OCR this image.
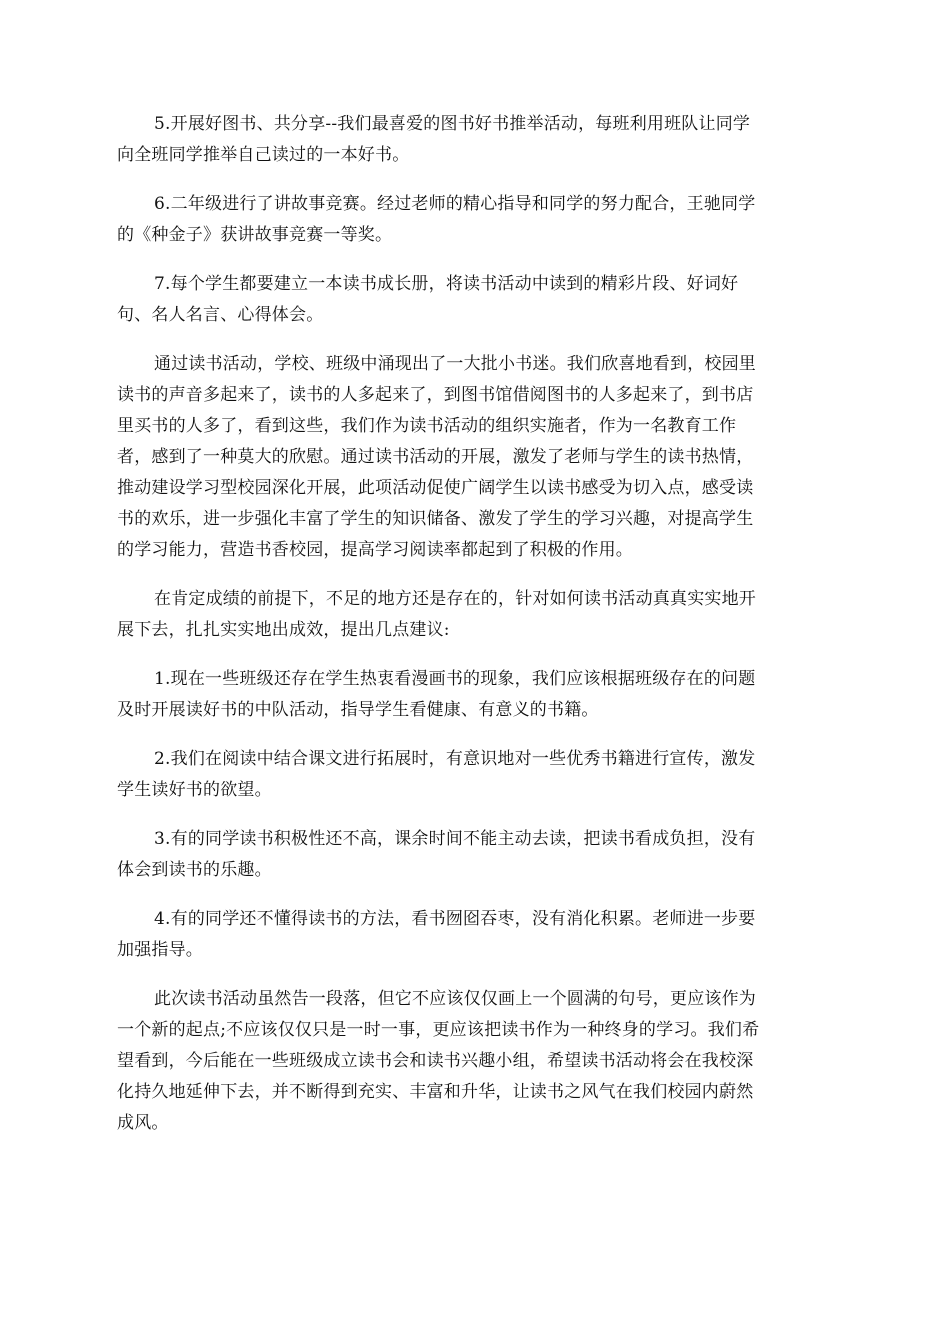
5.开展好图书、共分享--我们最喜爱的图书好书推举活动，每班利用班队让同学
向全班同学推举自己读过的一本好书。

6.二年级进行了讲故事竞赛。经过老师的精心指导和同学的努力配合，王驰同学
的《种金子》获讲故事竞赛一等奖。

7.每个学生都要建立一本读书成长册，将读书活动中读到的精彩片段、好词好
句、名人名言、心得体会。

通过读书活动，学校、班级中涌现出了一大批小书迷。我们欣喜地看到，校园里
读书的声音多起来了，读书的人多起来了，到图书馆借阅图书的人多起来了，到书店
里买书的人多了，看到这些，我们作为读书活动的组织实施者，作为一名教育工作
者，感到了一种莫大的欣慰。通过读书活动的开展，激发了老师与学生的读书热情，
推动建设学习型校园深化开展，此项活动促使广阔学生以读书感受为切入点，感受读
书的欢乐，进一步强化丰富了学生的知识储备、激发了学生的学习兴趣，对提高学生
的学习能力，营造书香校园，提高学习阅读率都起到了积极的作用。

在肯定成绩的前提下，不足的地方还是存在的，针对如何读书活动真真实实地开
展下去，扎扎实实地出成效，提出几点建议:

1.现在一些班级还存在学生热衷看漫画书的现象，我们应该根据班级存在的问题
及时开展读好书的中队活动，指导学生看健康、有意义的书籍。

2.我们在阅读中结合课文进行拓展时，有意识地对一些优秀书籍进行宣传，激发
学生读好书的欲望。

3.有的同学读书积极性还不高，课余时间不能主动去读，把读书看成负担，没有
体会到读书的乐趣。

4.有的同学还不懂得读书的方法，看书囫囵吞枣，没有消化积累。老师进一步要
加强指导。

此次读书活动虽然告一段落，但它不应该仅仅画上一个圆满的句号，更应该作为
一个新的起点;不应该仅仅只是一时一事，更应该把读书作为一种终身的学习。我们希
望看到，今后能在一些班级成立读书会和读书兴趣小组，希望读书活动将会在我校深
化持久地延伸下去，并不断得到充实、丰富和升华，让读书之风气在我们校园内蔚然
成风。
